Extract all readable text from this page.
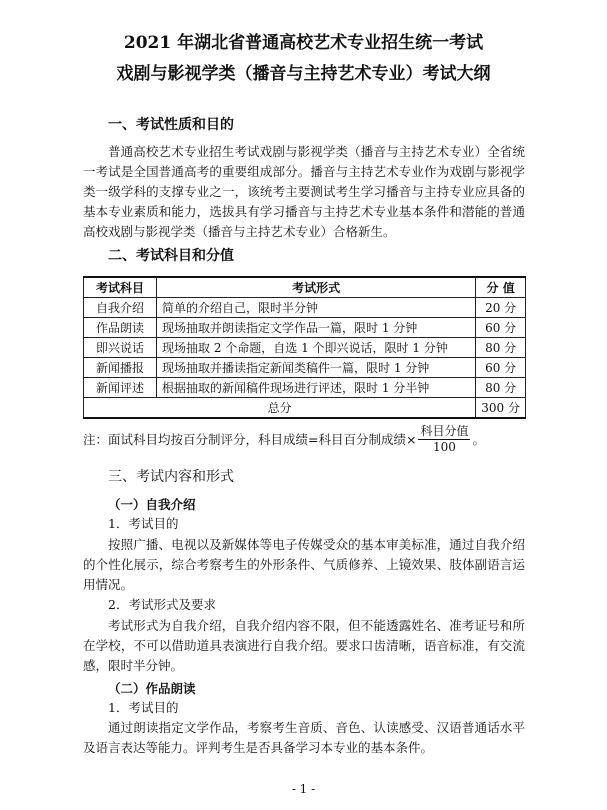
2021 年湖北省普通高校艺术专业招生统一考试
戏剧与影视学类（播音与主持艺术专业）考试大纲
一、考试性质和目的

普通高校艺术专业招生考试戏剧与影视学类（播音与主持艺术专业）全省统一考试是全国普通高考的重要组成部分。播音与主持艺术专业作为戏剧与影视学类一级学科的支撑专业之一，该统考主要测试考生学习播音与主持专业应具备的基本专业素质和能力，选拔具有学习播音与主持艺术专业基本条件和潜能的普通高校戏剧与影视学类（播音与主持艺术专业）合格新生。

二、考试科目和分值
考试科目	考试形式	分 值
自我介绍	简单的介绍自己，限时半分钟	20 分
作品朗读	现场抽取并朗读指定文学作品一篇，限时 1 分钟	60 分
即兴说话	现场抽取 2 个命题，自选 1 个即兴说话，限时 1 分钟	80 分
新闻播报	现场抽取并播读指定新闻类稿件一篇，限时 1 分钟	60 分
新闻评述	根据抽取的新闻稿件现场进行评述，限时 1 分半钟	80 分
总分		300 分
注：面试科目均按百分制评分，科目成绩=科目百分制成绩× $\frac{\text{科目分值}}{100}$ 。
三、考试内容和形式
（一）自我介绍
1．考试目的

按照广播、电视以及新媒体等电子传媒受众的基本审美标准，通过自我介绍的个性化展示，综合考察考生的外形条件、气质修养、上镜效果、肢体副语言运用情况。

2．考试形式及要求

考试形式为自我介绍，自我介绍内容不限，但不能透露姓名、准考证号和所在学校，不可以借助道具表演进行自我介绍。要求口齿清晰，语音标准，有交流感，限时半分钟。

（二）作品朗读
1．考试目的

通过朗读指定文学作品，考察考生音质、音色、认读感受、汉语普通话水平及语言表达等能力。评判考生是否具备学习本专业的基本条件。

- 1 -
